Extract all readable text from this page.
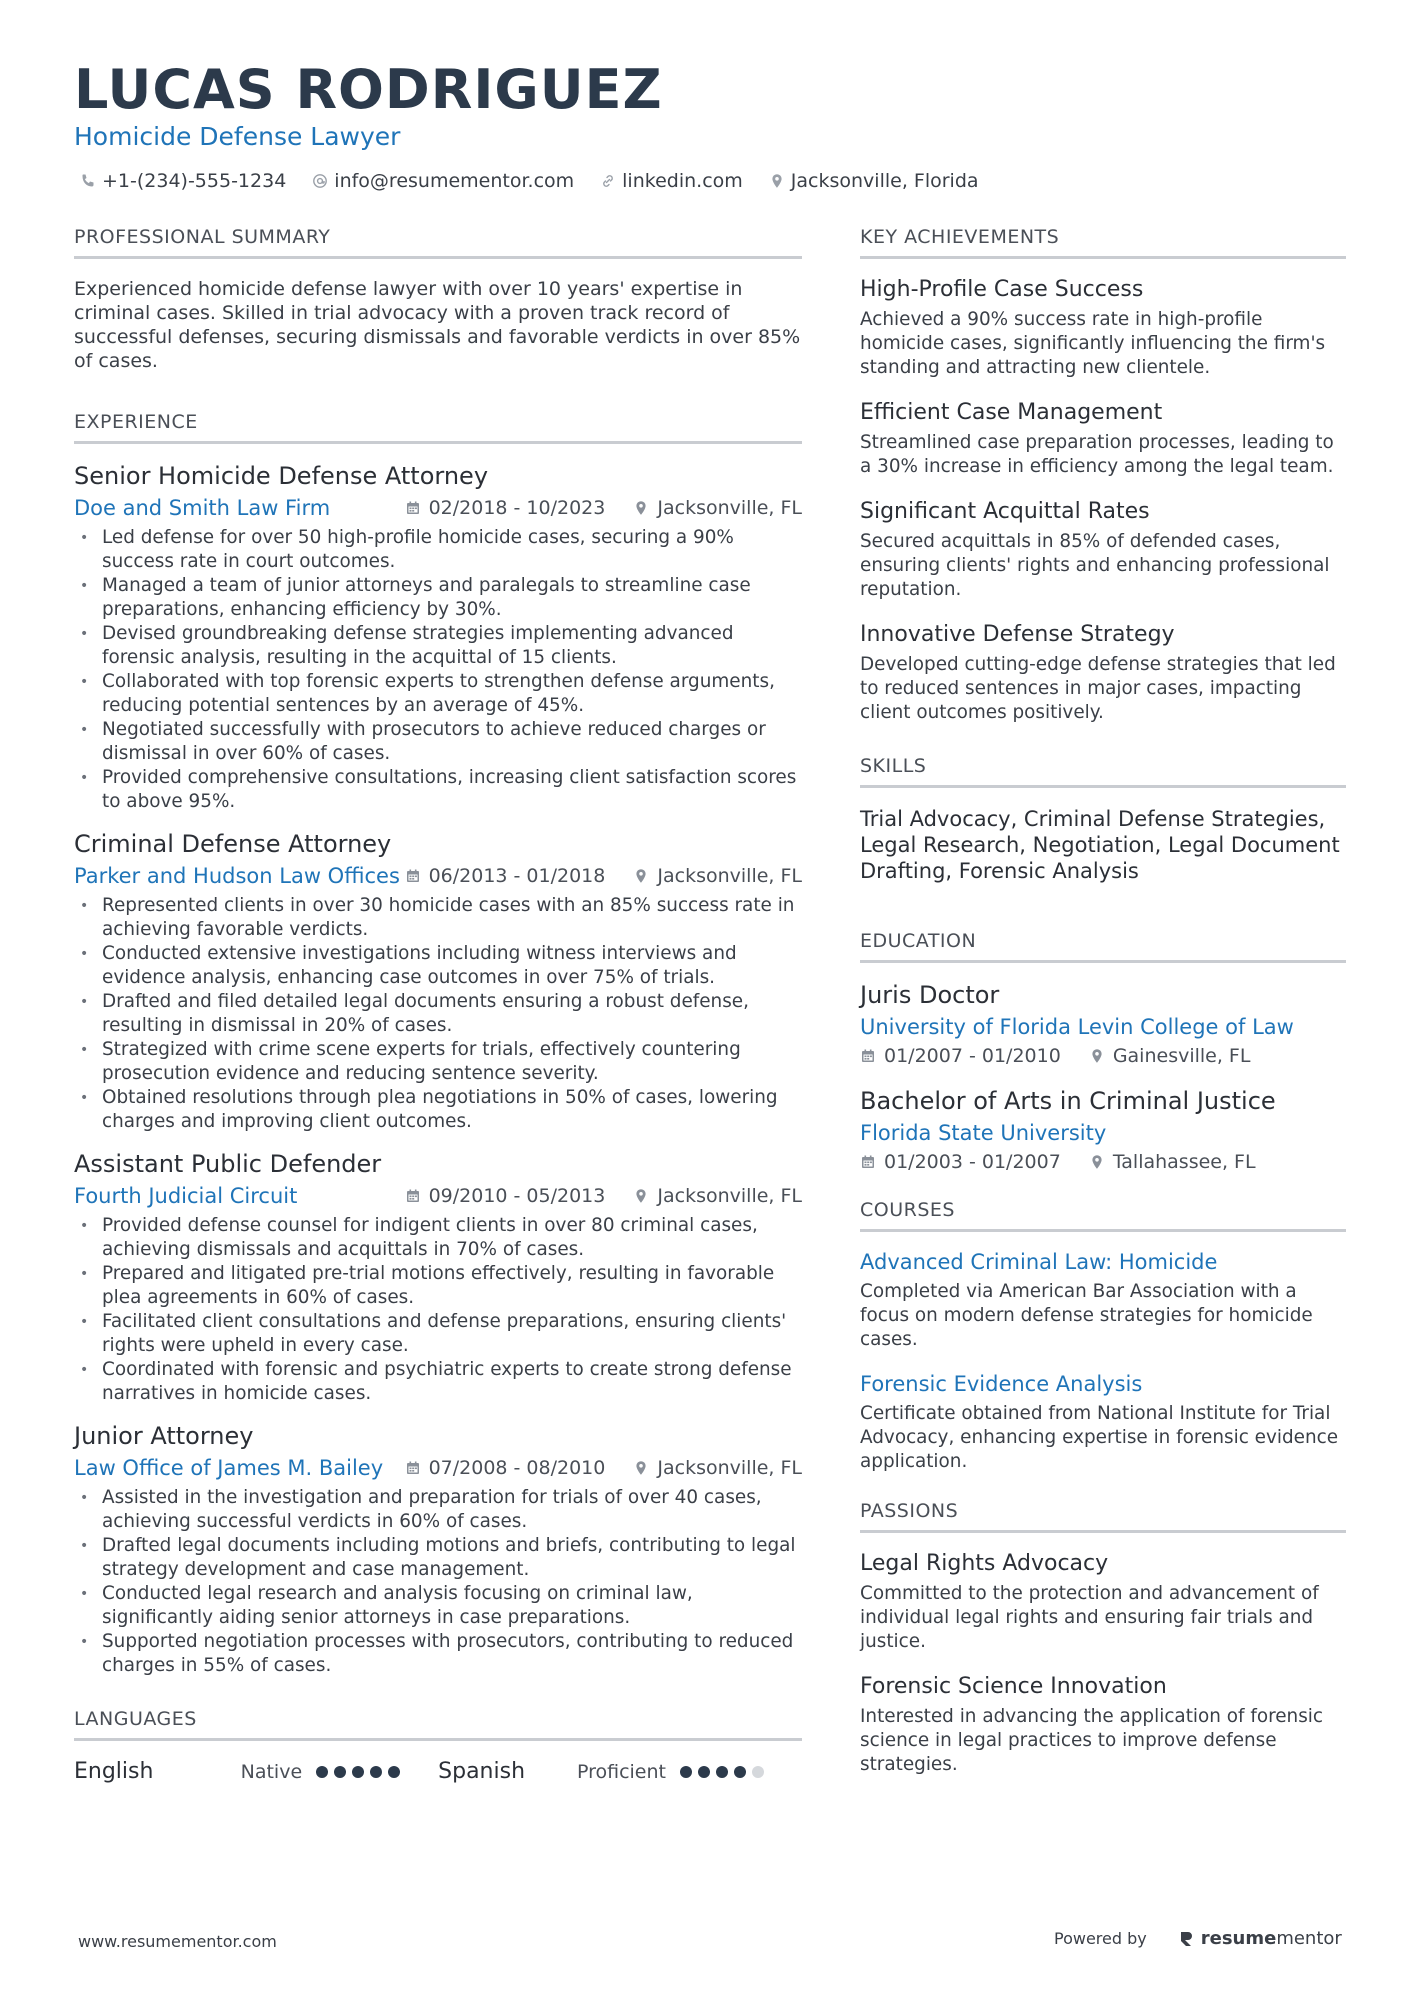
LUCAS RODRIGUEZ
Homicide Defense Lawyer
+1-(234)-555-1234	info@resumementor.com	linkedin.com	Jacksonville, Florida
PROFESSIONAL SUMMARY
Experienced homicide defense lawyer with over 10 years' expertise in criminal cases. Skilled in trial advocacy with a proven track record of successful defenses, securing dismissals and favorable verdicts in over 85% of cases.
EXPERIENCE
Senior Homicide Defense Attorney
Doe and Smith Law Firm	02/2018 - 10/2023	Jacksonville, FL
• Led defense for over 50 high-profile homicide cases, securing a 90% success rate in court outcomes.
• Managed a team of junior attorneys and paralegals to streamline case preparations, enhancing efficiency by 30%.
• Devised groundbreaking defense strategies implementing advanced forensic analysis, resulting in the acquittal of 15 clients.
• Collaborated with top forensic experts to strengthen defense arguments, reducing potential sentences by an average of 45%.
• Negotiated successfully with prosecutors to achieve reduced charges or dismissal in over 60% of cases.
• Provided comprehensive consultations, increasing client satisfaction scores to above 95%.
Criminal Defense Attorney
Parker and Hudson Law Offices 06/2013 - 01/2018	Jacksonville, FL
• Represented clients in over 30 homicide cases with an 85% success rate in achieving favorable verdicts.
• Conducted extensive investigations including witness interviews and evidence analysis, enhancing case outcomes in over 75% of trials.
• Drafted and filed detailed legal documents ensuring a robust defense, resulting in dismissal in 20% of cases.
• Strategized with crime scene experts for trials, effectively countering prosecution evidence and reducing sentence severity.
• Obtained resolutions through plea negotiations in 50% of cases, lowering charges and improving client outcomes.
Assistant Public Defender
Fourth Judicial Circuit	09/2010 - 05/2013	Jacksonville, FL
• Provided defense counsel for indigent clients in over 80 criminal cases, achieving dismissals and acquittals in 70% of cases.
• Prepared and litigated pre-trial motions effectively, resulting in favorable plea agreements in 60% of cases.
• Facilitated client consultations and defense preparations, ensuring clients' rights were upheld in every case.
• Coordinated with forensic and psychiatric experts to create strong defense narratives in homicide cases.
Junior Attorney
Law Office of James M. Bailey 07/2008 - 08/2010	Jacksonville, FL
• Assisted in the investigation and preparation for trials of over 40 cases, achieving successful verdicts in 60% of cases.
• Drafted legal documents including motions and briefs, contributing to legal strategy development and case management.
• Conducted legal research and analysis focusing on criminal law, significantly aiding senior attorneys in case preparations.
• Supported negotiation processes with prosecutors, contributing to reduced charges in 55% of cases.
LANGUAGES
English	Native	Spanish	Proficient
KEY ACHIEVEMENTS
High-Profile Case Success
Achieved a 90% success rate in high-profile homicide cases, significantly influencing the firm's standing and attracting new clientele.
Efficient Case Management
Streamlined case preparation processes, leading to a 30% increase in efficiency among the legal team.
Significant Acquittal Rates
Secured acquittals in 85% of defended cases, ensuring clients' rights and enhancing professional reputation.
Innovative Defense Strategy
Developed cutting-edge defense strategies that led to reduced sentences in major cases, impacting client outcomes positively.
SKILLS
Trial Advocacy, Criminal Defense Strategies, Legal Research, Negotiation, Legal Document Drafting, Forensic Analysis
EDUCATION
Juris Doctor
University of Florida Levin College of Law
01/2007 - 01/2010	Gainesville, FL
Bachelor of Arts in Criminal Justice
Florida State University
01/2003 - 01/2007	Tallahassee, FL
COURSES
Advanced Criminal Law: Homicide
Completed via American Bar Association with a focus on modern defense strategies for homicide cases.
Forensic Evidence Analysis
Certificate obtained from National Institute for Trial Advocacy, enhancing expertise in forensic evidence application.
PASSIONS
Legal Rights Advocacy
Committed to the protection and advancement of individual legal rights and ensuring fair trials and justice.
Forensic Science Innovation
Interested in advancing the application of forensic science in legal practices to improve defense strategies.
www.resumementor.com	Powered by	resumementor
